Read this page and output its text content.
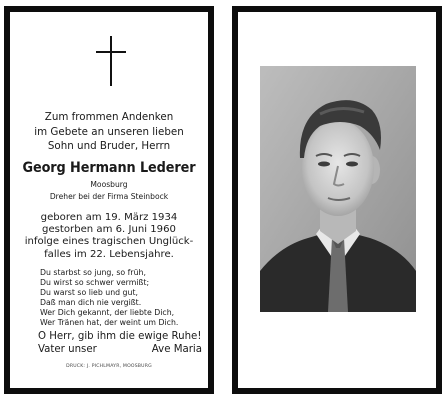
Zum frommen Andenken
im Gebete an unseren lieben
Sohn und Bruder, Herrn
Georg Hermann Lederer
Moosburg
Dreher bei der Firma Steinbock
geboren am 19. März 1934
gestorben am 6. Juni 1960
infolge eines tragischen Unglück-
falles im 22. Lebensjahre.
Du starbst so jung, so früh,
Du wirst so schwer vermißt;
Du warst so lieb und gut,
Daß man dich nie vergißt.
Wer Dich gekannt, der liebte Dich,
Wer Tränen hat, der weint um Dich.
O Herr, gib ihm die ewige Ruhe!
Vater unser	Ave Maria
DRUCK: J. PICHLMAYR, MOOSBURG
